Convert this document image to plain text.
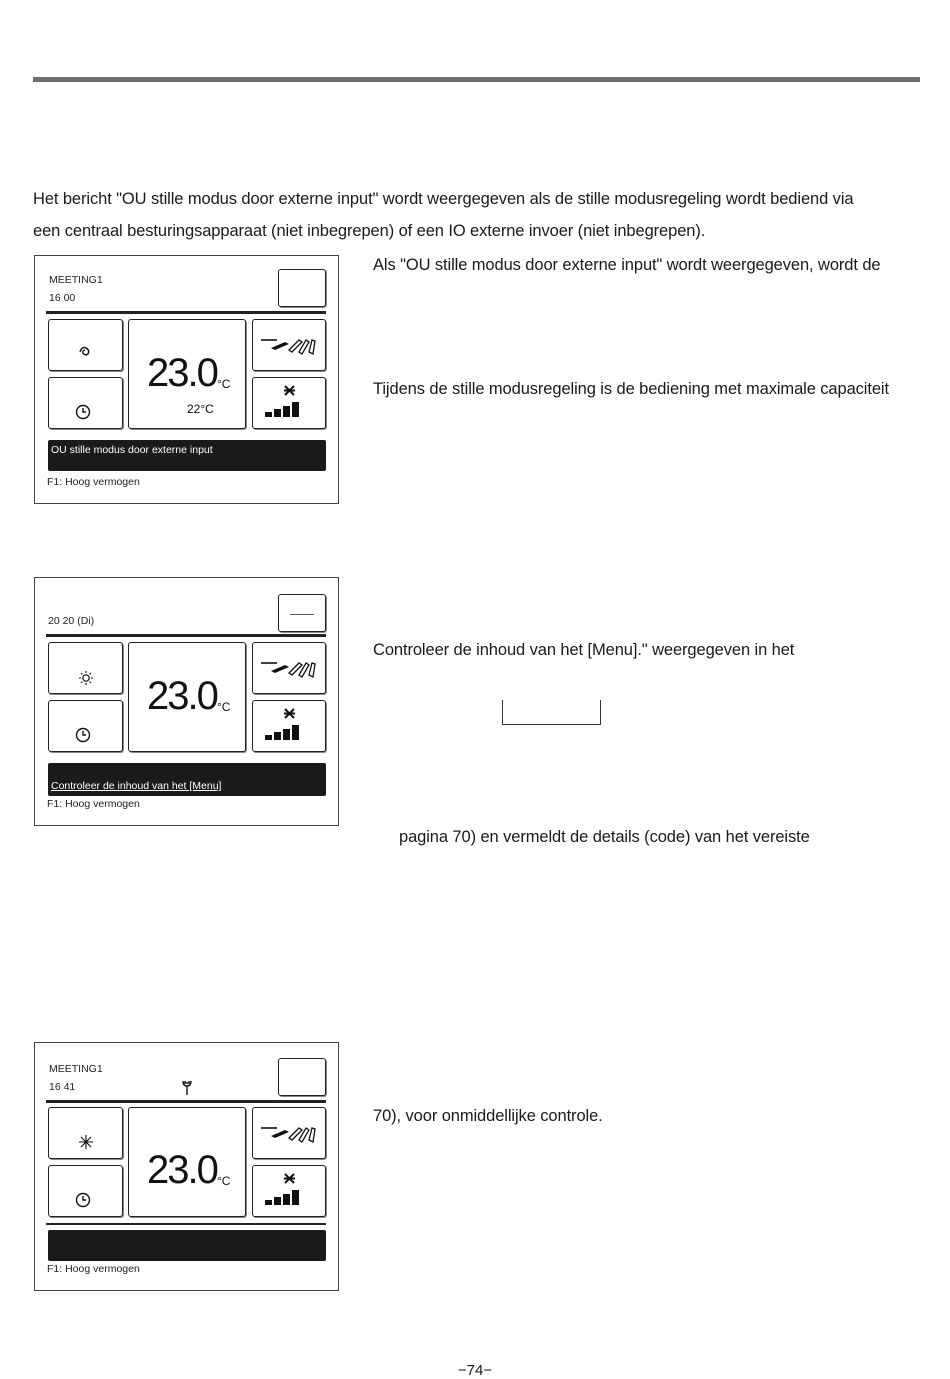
Het bericht "OU stille modus door externe input" wordt weergegeven als de stille modusregeling wordt bediend via
een centraal besturingsapparaat (niet inbegrepen) of een IO externe invoer (niet inbegrepen).
Als "OU stille modus door externe input" wordt weergegeven, wordt de
Tijdens de stille modusregeling is de bediening met maximale capaciteit
Controleer de inhoud van het [Menu]." weergegeven in het
pagina 70) en vermeldt de details (code) van het vereiste
70), voor onmiddellijke controle.
MEETING1
16 00
23.0 °C
22°C
OU stille modus door externe input
F1: Hoog vermogen
20 20 (Di)
23.0 °C
Controleer de inhoud van het [Menu]
F1: Hoog vermogen
MEETING1
16 41
23.0 °C
F1: Hoog vermogen
−74−
